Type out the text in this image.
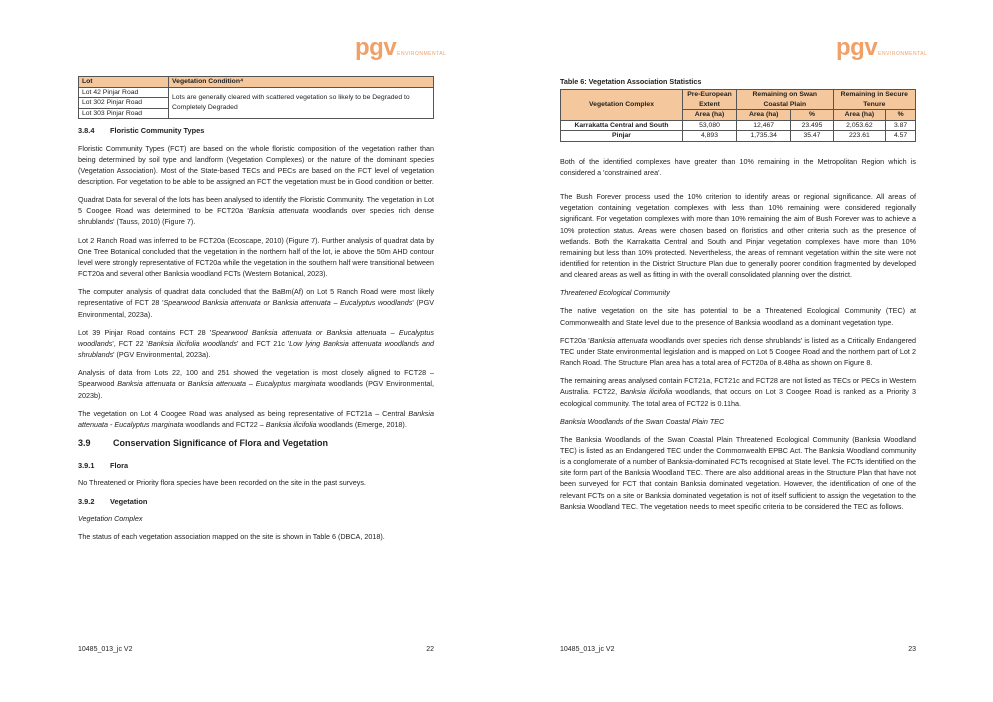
pgv ENVIRONMENTAL
Lot	Vegetation Condition⁴
Lot 42 Pinjar Road	Lots are generally cleared with scattered vegetation so likely to be Degraded to Completely Degraded
Lot 302 Pinjar Road	
Lot 303 Pinjar Road	
3.8.4	Floristic Community Types

Floristic Community Types (FCT) are based on the whole floristic composition of the vegetation rather than being determined by soil type and landform (Vegetation Complexes) or the nature of the dominant species (Vegetation Association). Most of the State-based TECs and PECs are based on the FCT level of vegetation description. For vegetation to be able to be assigned an FCT the vegetation must be in Good condition or better.

Quadrat Data for several of the lots has been analysed to identify the Floristic Community. The vegetation in Lot 5 Coogee Road was determined to be FCT20a 'Banksia attenuata woodlands over species rich dense shrublands' (Tauss, 2010) (Figure 7).

Lot 2 Ranch Road was inferred to be FCT20a (Ecoscape, 2010) (Figure 7). Further analysis of quadrat data by One Tree Botanical concluded that the vegetation in the northern half of the lot, ie above the 50m AHD contour level were strongly representative of FCT20a while the vegetation in the southern half were transitional between FCT20a and several other Banksia woodland FCTs (Western Botanical, 2023).

The computer analysis of quadrat data concluded that the BaBm(Af) on Lot 5 Ranch Road were most likely representative of FCT 28 'Spearwood Banksia attenuata or Banksia attenuata – Eucalyptus woodlands' (PGV Environmental, 2023a).

Lot 39 Pinjar Road contains FCT 28 'Spearwood Banksia attenuata or Banksia attenuata – Eucalyptus woodlands', FCT 22 'Banksia ilicifolia woodlands' and FCT 21c 'Low lying Banksia attenuata woodlands and shrublands' (PGV Environmental, 2023a).

Analysis of data from Lots 22, 100 and 251 showed the vegetation is most closely aligned to FCT28 – Spearwood Banksia attenuata or Banksia attenuata – Eucalyptus marginata woodlands (PGV Environmental, 2023b).

The vegetation on Lot 4 Coogee Road was analysed as being representative of FCT21a – Central Banksia attenuata - Eucalyptus marginata woodlands and FCT22 – Banksia ilicifolia woodlands (Emerge, 2018).

3.9	Conservation Significance of Flora and Vegetation
3.9.1	Flora

No Threatened or Priority flora species have been recorded on the site in the past surveys.

3.9.2	Vegetation
Vegetation Complex

The status of each vegetation association mapped on the site is shown in Table 6 (DBCA, 2018).

10485_013_jc V2	22
pgv ENVIRONMENTAL
Table 6: Vegetation Association Statistics
Vegetation Complex	Pre-European Extent	Remaining on Swan Coastal Plain		Remaining in Secure Tenure	
	Area (ha)	Area (ha)	%	Area (ha)	%
Karrakatta Central and South	53,080	12,467	23.495	2,053.62	3.87
Pinjar	4,893	1,735.34	35.47	223.61	4.57

Both of the identified complexes have greater than 10% remaining in the Metropolitan Region which is considered a 'constrained area'.

The Bush Forever process used the 10% criterion to identify areas or regional significance. All areas of vegetation containing vegetation complexes with less than 10% remaining were considered regionally significant. For vegetation complexes with more than 10% remaining the aim of Bush Forever was to achieve a 10% protection status. Areas were chosen based on floristics and other criteria such as the presence of wetlands. Both the Karrakatta Central and South and Pinjar vegetation complexes have more than 10% remaining but less than 10% protected. Nevertheless, the areas of remnant vegetation within the site were not identified for retention in the District Structure Plan due to generally poorer condition fragmented by developed and cleared areas as well as fitting in with the overall consolidated planning over the district.

Threatened Ecological Community

The native vegetation on the site has potential to be a Threatened Ecological Community (TEC) at Commonwealth and State level due to the presence of Banksia woodland as a dominant vegetation type.

FCT20a 'Banksia attenuata woodlands over species rich dense shrublands' is listed as a Critically Endangered TEC under State environmental legislation and is mapped on Lot 5 Coogee Road and the northern part of Lot 2 Ranch Road. The Structure Plan area has a total area of FCT20a of 8.48ha as shown on Figure 8.

The remaining areas analysed contain FCT21a, FCT21c and FCT28 are not listed as TECs or PECs in Western Australia. FCT22, Banksia ilicifolia woodlands, that occurs on Lot 3 Coogee Road is ranked as a Priority 3 ecological community. The total area of FCT22 is 0.11ha.

Banksia Woodlands of the Swan Coastal Plain TEC

The Banksia Woodlands of the Swan Coastal Plain Threatened Ecological Community (Banksia Woodland TEC) is listed as an Endangered TEC under the Commonwealth EPBC Act. The Banksia Woodland community is a conglomerate of a number of Banksia-dominated FCTs recognised at State level. The FCTs identified on the site form part of the Banksia Woodland TEC. There are also additional areas in the Structure Plan that have not been surveyed for FCT that contain Banksia dominated vegetation. However, the identification of one of the relevant FCTs on a site or Banksia dominated vegetation is not of itself sufficient to assign the vegetation to the Banksia Woodland TEC. The vegetation needs to meet specific criteria to be considered the TEC as follows.

10485_013_jc V2	23
